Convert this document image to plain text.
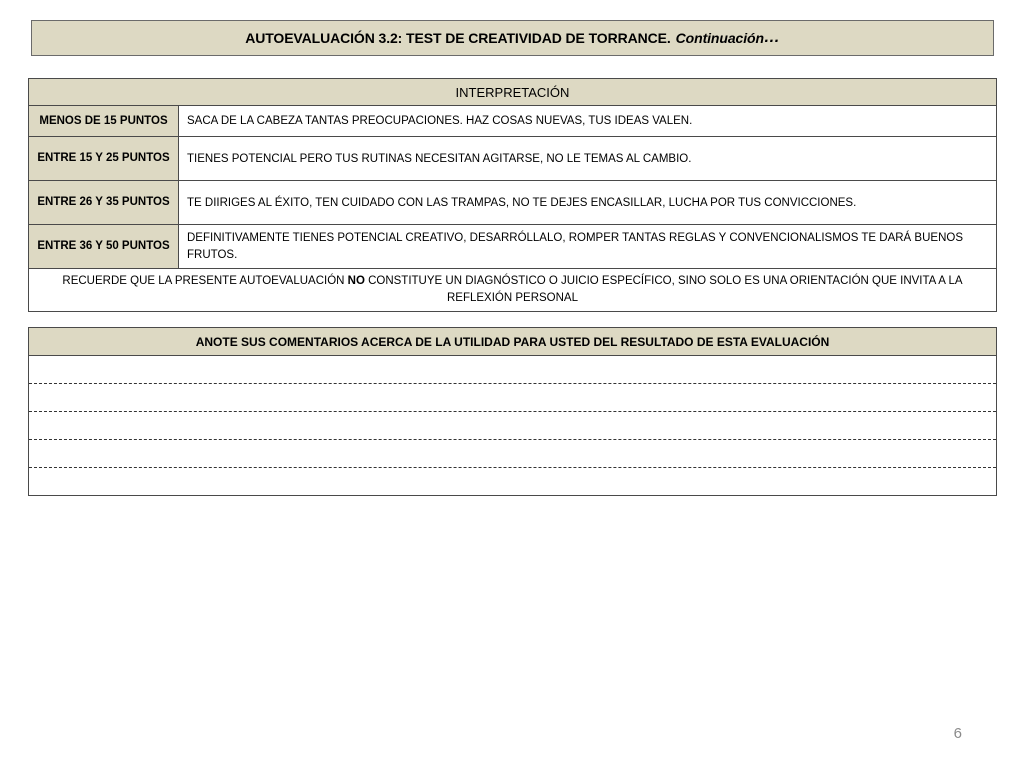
AUTOEVALUACIÓN 3.2: TEST DE CREATIVIDAD DE TORRANCE. Continuación …
INTERPRETACIÓN	
MENOS DE 15 PUNTOS	SACA DE LA CABEZA TANTAS PREOCUPACIONES. HAZ COSAS NUEVAS, TUS IDEAS VALEN.
ENTRE 15 Y 25 PUNTOS	TIENES POTENCIAL PERO TUS RUTINAS NECESITAN AGITARSE, NO LE TEMAS AL CAMBIO.
ENTRE 26 Y 35 PUNTOS	TE DIIRIGES AL ÉXITO, TEN CUIDADO CON LAS TRAMPAS, NO TE DEJES ENCASILLAR, LUCHA POR TUS CONVICCIONES.
ENTRE 36 Y 50 PUNTOS	DEFINITIVAMENTE TIENES POTENCIAL CREATIVO, DESARRÓLLALO, ROMPER TANTAS REGLAS Y CONVENCIONALISMOS TE DARÁ BUENOS FRUTOS.
RECUERDE QUE LA PRESENTE AUTOEVALUACIÓN NO CONSTITUYE UN DIAGNÓSTICO O JUICIO ESPECÍFICO, SINO SOLO ES UNA ORIENTACIÓN QUE INVITA A LA REFLEXIÓN PERSONAL	
ANOTE SUS COMENTARIOS ACERCA DE LA UTILIDAD PARA USTED DEL RESULTADO DE ESTA EVALUACIÓN

6
